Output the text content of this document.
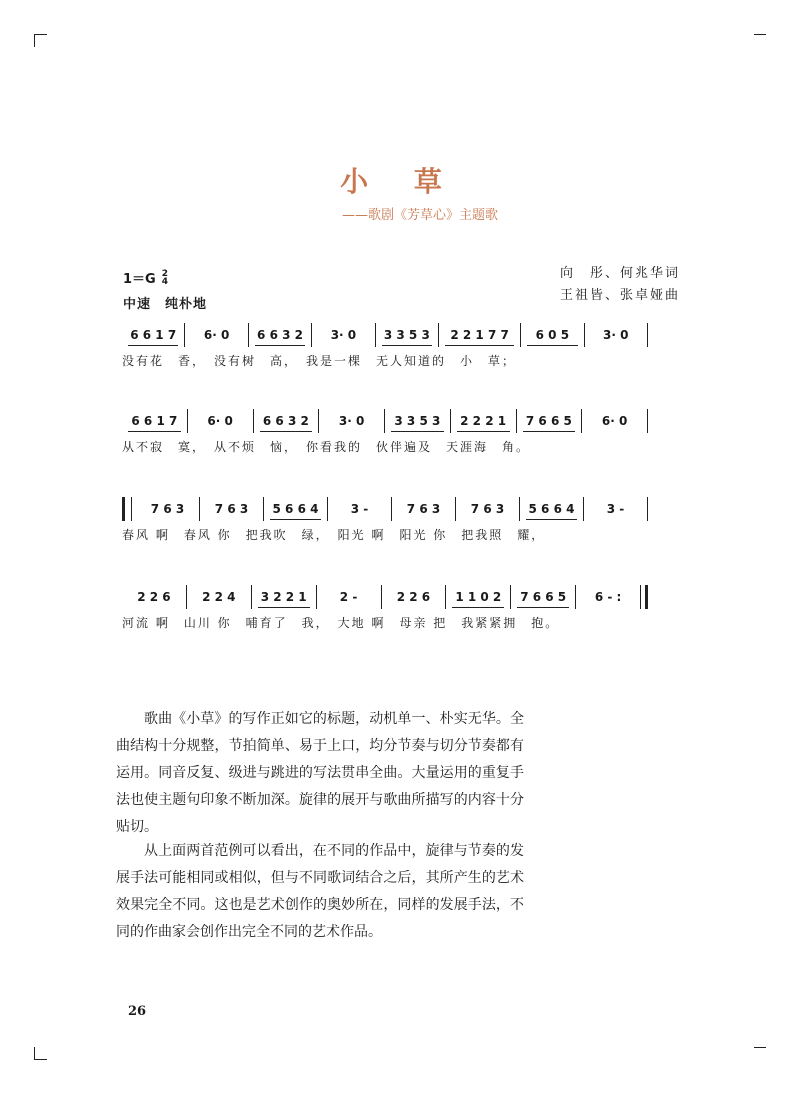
小 草
——歌剧《芳草心》主题歌
1＝G 2
4
中速　纯朴地
向　彤、何兆华词
王祖皆、张卓娅曲
6 6 1 7 6· 0 6 6 3 2 3· 0 3 3 5 3 2 2 1 7 7 6 0 5	3· 0
没有花　香，　没有树　高，　我是一棵　无人知道的　小　草；
6 6 1 7	6· 0	6 6 3 2	3· 0	3 3 5 3 2 2 2 1 7 6 6 5	6· 0
从不寂　寞，　从不烦　恼，　你看我的　伙伴遍及　天涯海　角。
7 6 3	7 6 3 5 6 6 4	3 -	7 6 3	7 6 3 5 6 6 4	3 -
春风 啊　春风 你　把我吹　绿，　阳光 啊　阳光 你　把我照　耀，
2 2 6	2 2 4 3 2 2 1	2 -	2 2 6 1 1 0 2 7 6 6 5 6 - :
河流 啊　山川 你　哺育了　我，　大地 啊　母亲 把　我紧紧拥　抱。

歌曲《小草》的写作正如它的标题，动机单一、朴实无华。全曲结构十分规整，节拍简单、易于上口，均分节奏与切分节奏都有运用。同音反复、级进与跳进的写法贯串全曲。大量运用的重复手法也使主题句印象不断加深。旋律的展开与歌曲所描写的内容十分贴切。

从上面两首范例可以看出，在不同的作品中，旋律与节奏的发展手法可能相同或相似，但与不同歌词结合之后，其所产生的艺术效果完全不同。这也是艺术创作的奥妙所在，同样的发展手法，不同的作曲家会创作出完全不同的艺术作品。

26
